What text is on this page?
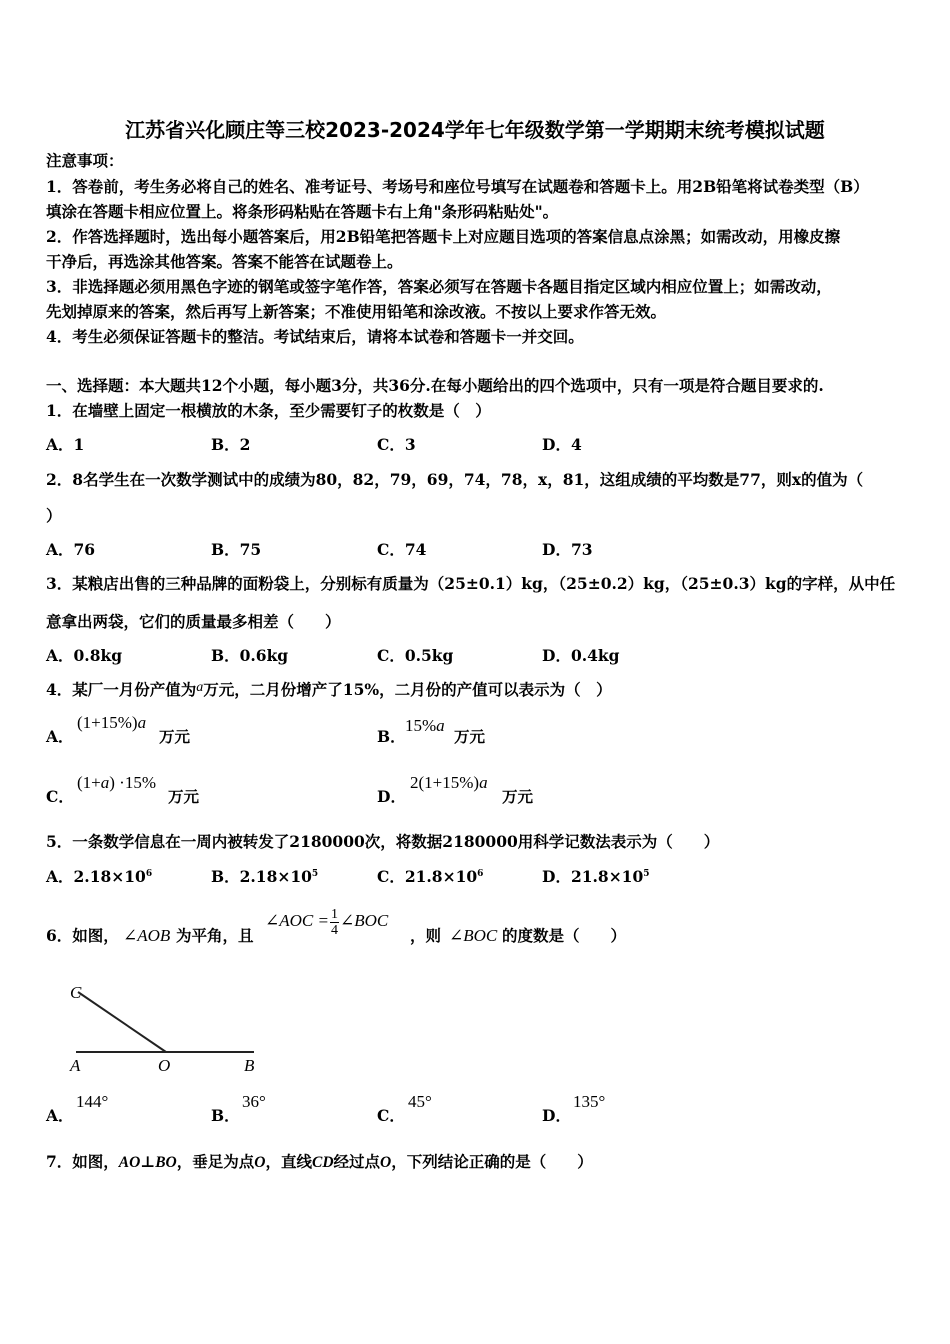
江苏省兴化顾庄等三校2023-2024学年七年级数学第一学期期末统考模拟试题
注意事项：
1．答卷前，考生务必将自己的姓名、准考证号、考场号和座位号填写在试题卷和答题卡上。用2B铅笔将试卷类型（B）
填涂在答题卡相应位置上。将条形码粘贴在答题卡右上角"条形码粘贴处"。
2．作答选择题时，选出每小题答案后，用2B铅笔把答题卡上对应题目选项的答案信息点涂黑；如需改动，用橡皮擦
干净后，再选涂其他答案。答案不能答在试题卷上。
3．非选择题必须用黑色字迹的钢笔或签字笔作答，答案必须写在答题卡各题目指定区域内相应位置上；如需改动，
先划掉原来的答案，然后再写上新答案；不准使用铅笔和涂改液。不按以上要求作答无效。
4．考生必须保证答题卡的整洁。考试结束后，请将本试卷和答题卡一并交回。
一、选择题：本大题共12个小题，每小题3分，共36分.在每小题给出的四个选项中，只有一项是符合题目要求的.
1．在墙壁上固定一根横放的木条，至少需要钉子的枚数是（　）
A．1	B．2	C．3	D．4
2．8名学生在一次数学测试中的成绩为80，82，79，69，74，78，x，81，这组成绩的平均数是77，则x的值为（
）
A．76	B．75	C．74	D．73
3．某粮店出售的三种品牌的面粉袋上，分别标有质量为（25±0.1）kg，（25±0.2）kg，（25±0.3）kg的字样，从中任
意拿出两袋，它们的质量最多相差（　　）
A．0.8kg	B．0.6kg	C．0.5kg	D．0.4kg
4．某厂一月份产值为$^a$万元，二月份增产了15%，二月份的产值可以表示为（　）
A．
(1+15%)a
万元	B．
15%a
万元
C．
(1+a) ·15%
万元	D．
2(1+15%)a
万元
5．一条数学信息在一周内被转发了2180000次，将数据2180000用科学记数法表示为（　　）
A．$2.18\times 10^6$	B．$2.18\times 10^5$	C．$21.8\times 10^6$	D．$21.8\times 10^5$
6．如图， ∠AOB 为平角，且
∠AOC = $\frac{1}{4}$ ∠BOC
，则 ∠BOC 的度数是（　　）
C
A	O	B
A．
144°
B．
36°
C．
45°
D．
135°
7．如图，AO⊥BO，垂足为点O，直线CD经过点O，下列结论正确的是（　　）
